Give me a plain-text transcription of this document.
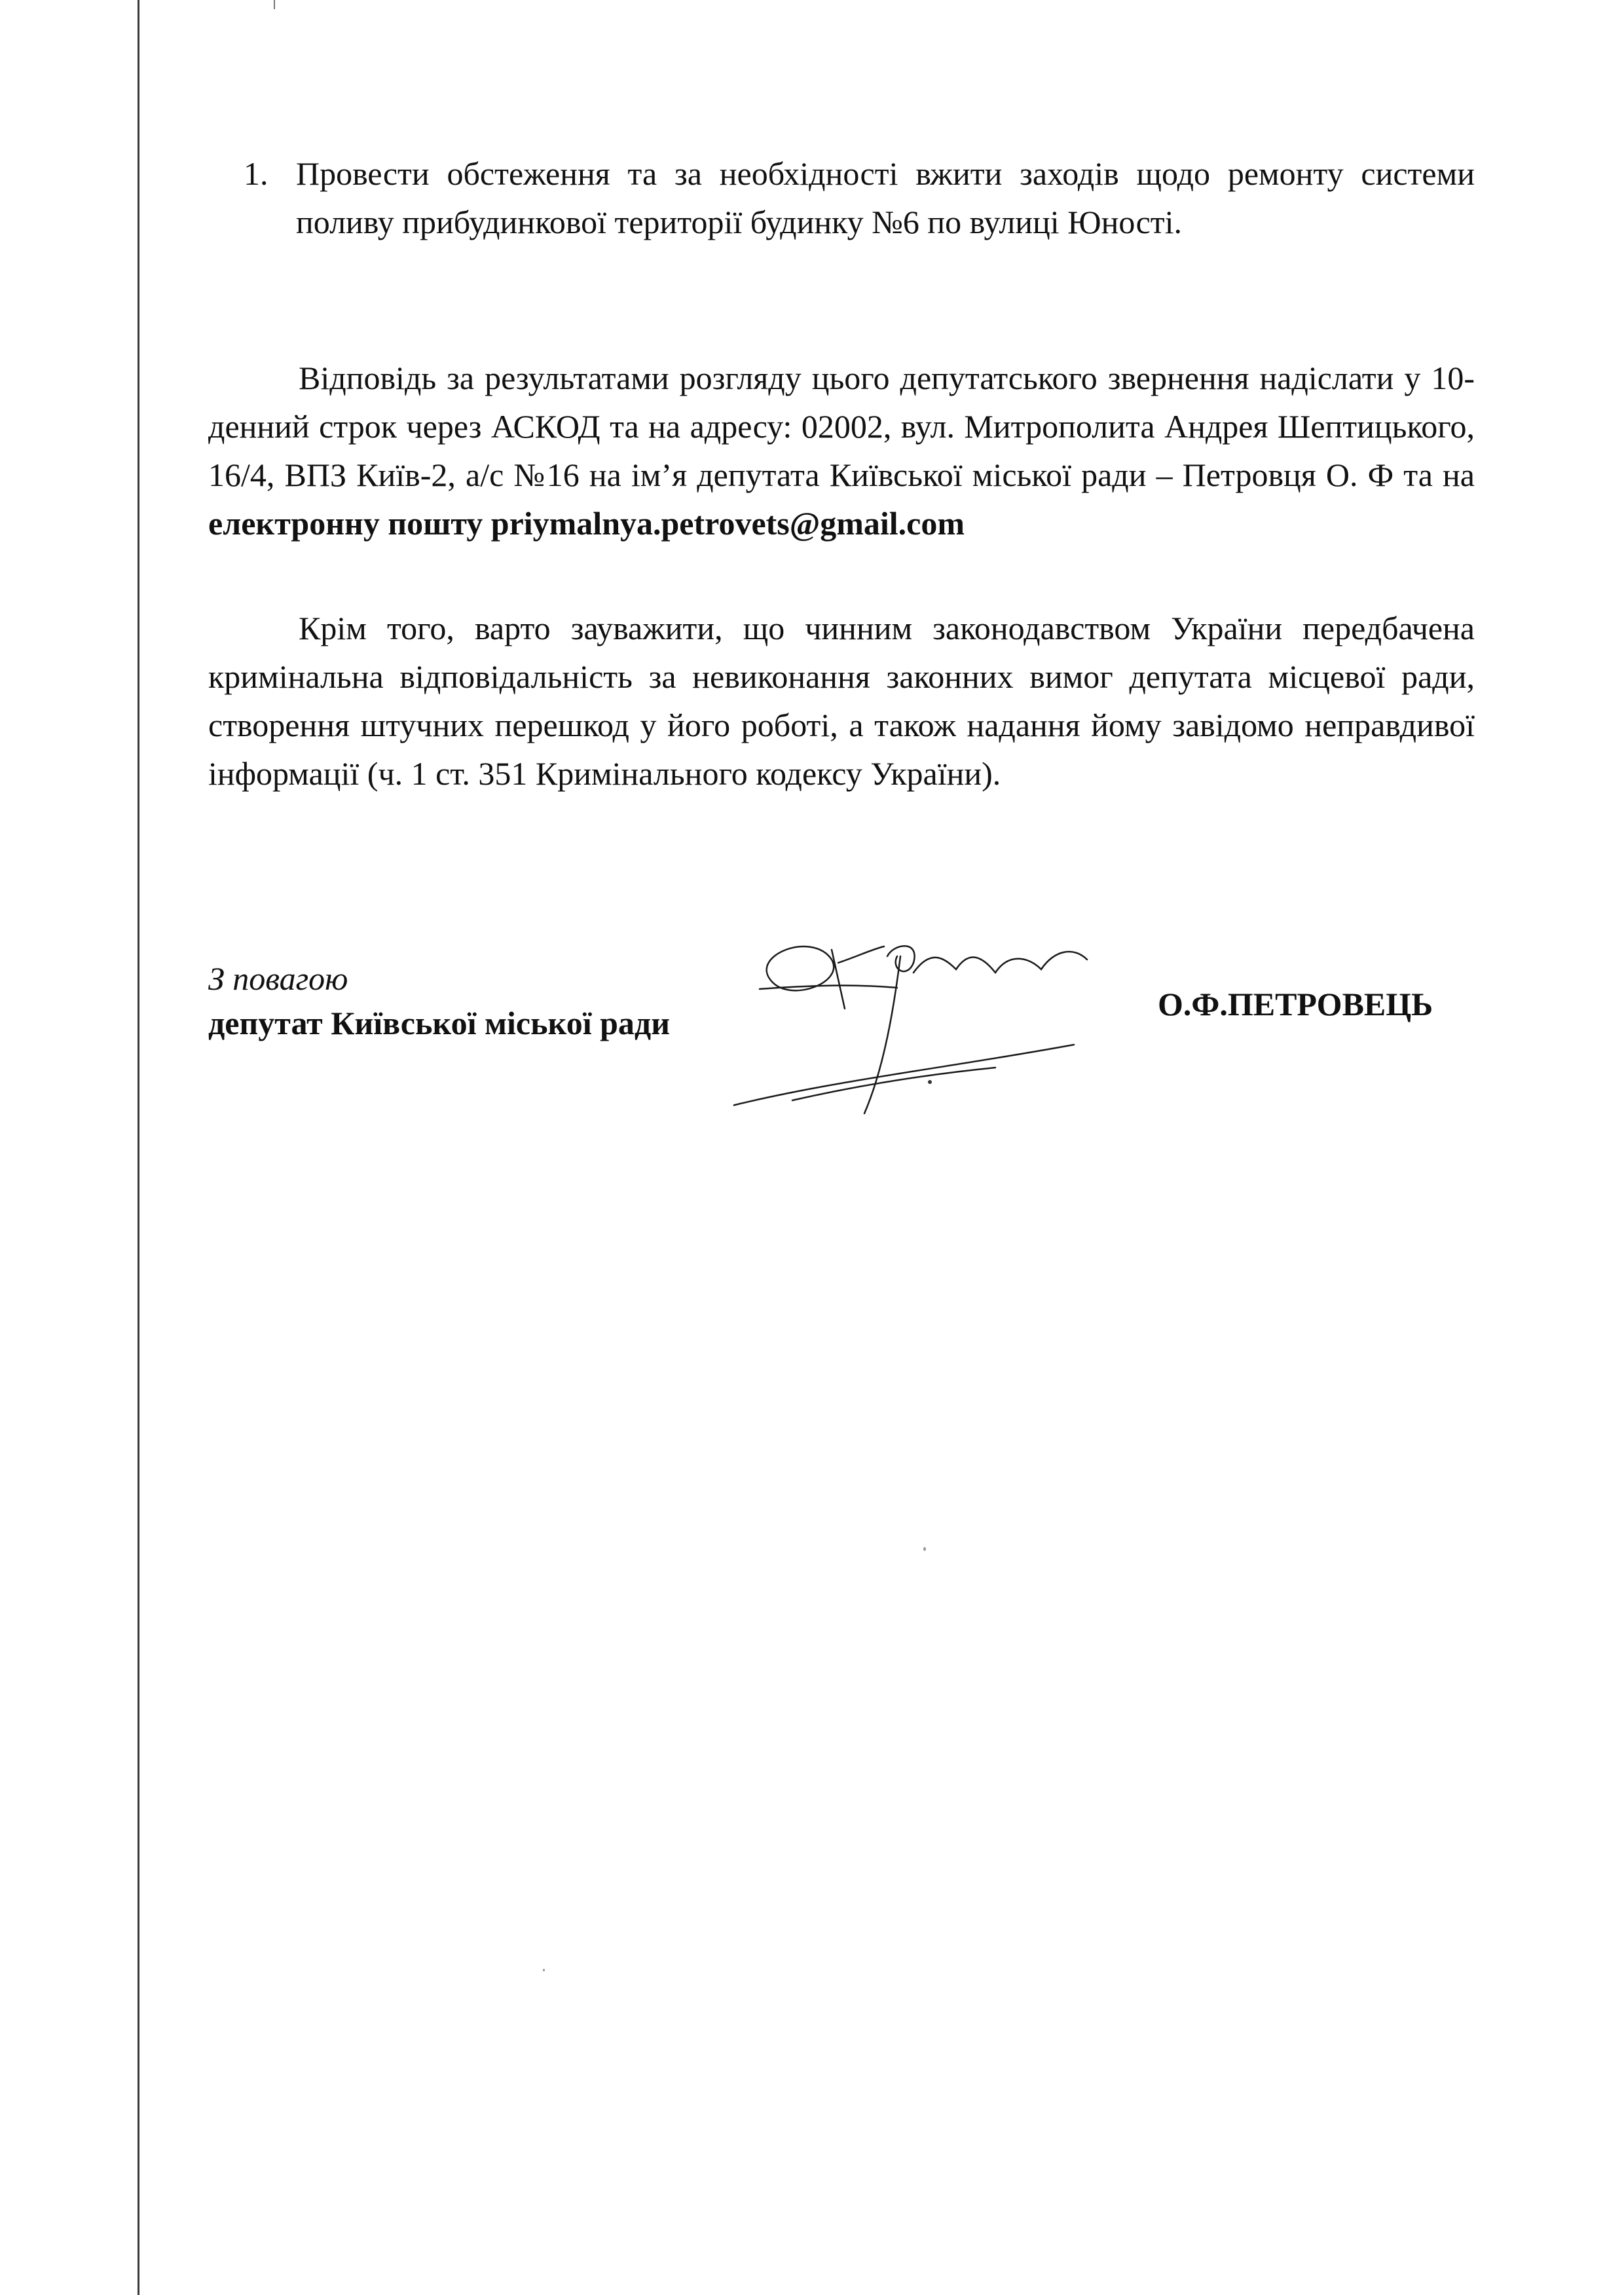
1. Провести обстеження та за необхідності вжити заходів щодо ремонту системи поливу прибудинкової території будинку №6 по вулиці Юності.
Відповідь за результатами розгляду цього депутатського звернення надіслати у 10-денний строк через АСКОД та на адресу: 02002, вул. Митрополита Андрея Шептицького, 16/4, ВПЗ Київ-2, а/с №16 на ім’я депутата Київської міської ради – Петровця О. Ф та на електронну пошту priymalnya.petrovets@gmail.com
Крім того, варто зауважити, що чинним законодавством України передбачена кримінальна відповідальність за невиконання законних вимог депутата місцевої ради, створення штучних перешкод у його роботі, а також надання йому завідомо неправдивої інформації (ч. 1 ст. 351 Кримінального кодексу України).
З повагою
депутат Київської міської ради
О.Ф.ПЕТРОВЕЦЬ
